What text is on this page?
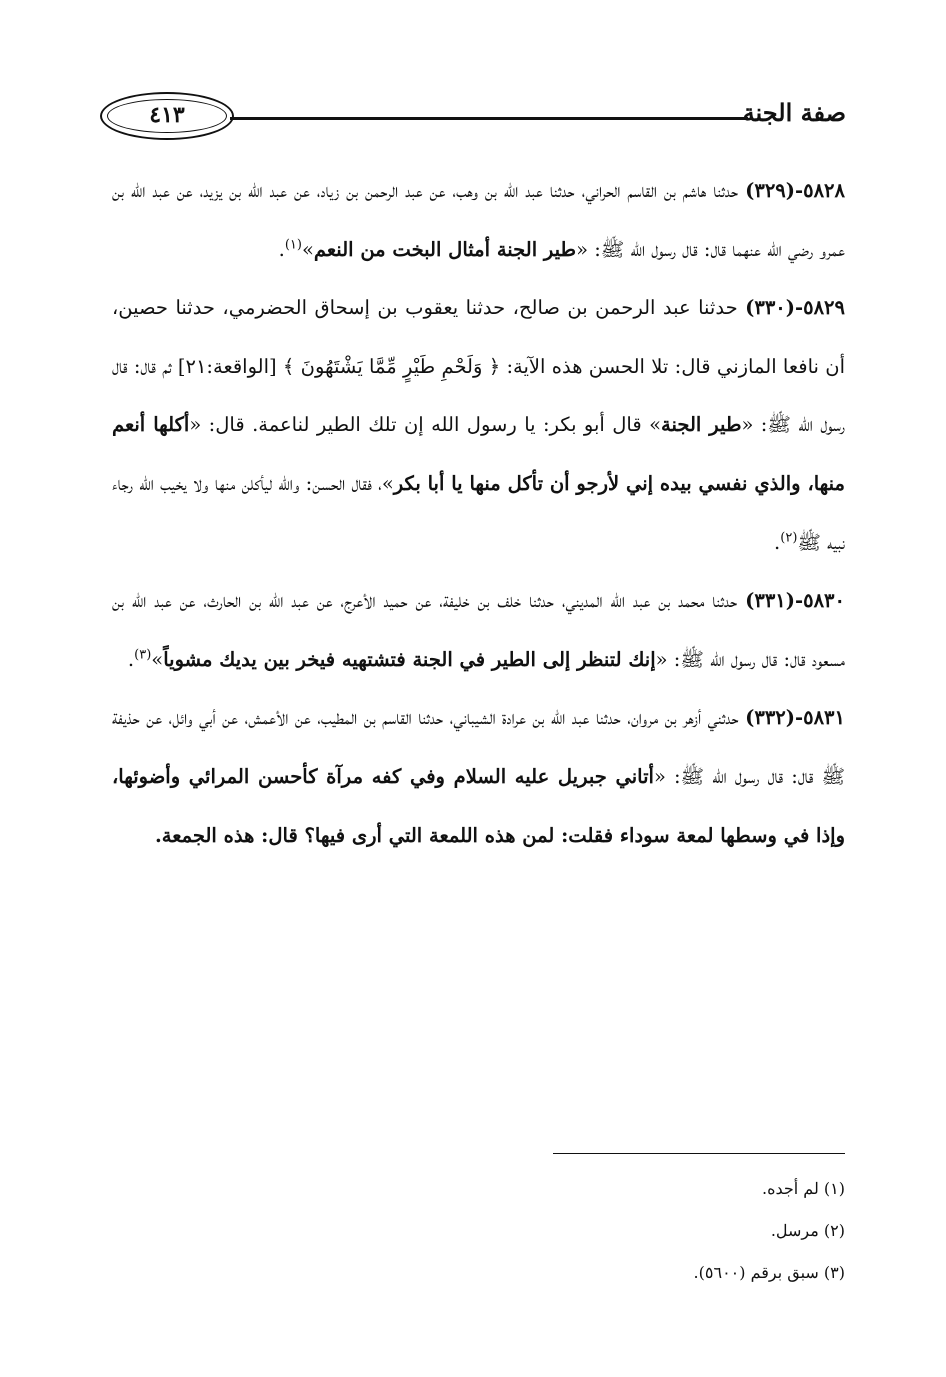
صفة الجنة
٤١٣

٥٨٢٨-(٣٢٩) حدثنا هاشم بن القاسم الحراني، حدثنا عبد الله بن وهب، عن عبد الرحمن بن زياد، عن عبد الله بن يزيد، عن عبد الله بن عمرو رضي الله عنهما قال: قال رسول الله ﷺ: «طير الجنة أمثال البخت من النعم»$^{(١)}$.

٥٨٢٩-(٣٣٠) حدثنا عبد الرحمن بن صالح، حدثنا يعقوب بن إسحاق الحضرمي، حدثنا حصين، أن نافعا المازني قال: تلا الحسن هذه الآية: ﴿ وَلَحْمِ طَيْرٍ مِّمَّا يَشْتَهُونَ ﴾ [الواقعة:٢١] ثم قال: قال رسول الله ﷺ: «طير الجنة» قال أبو بكر: يا رسول الله إن تلك الطير لناعمة. قال: «أكلها أنعم منها، والذي نفسي بيده إني لأرجو أن تأكل منها يا أبا بكر»، فقال الحسن: والله ليأكلن منها ولا يخيب الله رجاء نبيه ﷺ$^{(٢)}$.

٥٨٣٠-(٣٣١) حدثنا محمد بن عبد الله المديني، حدثنا خلف بن خليفة، عن حميد الأعرج، عن عبد الله بن الحارث، عن عبد الله بن مسعود قال: قال رسول الله ﷺ: «إنك لتنظر إلى الطير في الجنة فتشتهيه فيخر بين يديك مشوياً»$^{(٣)}$.

٥٨٣١-(٣٣٢) حدثني أزهر بن مروان، حدثنا عبد الله بن عرادة الشيباني، حدثنا القاسم بن المطيب، عن الأعمش، عن أبي وائل، عن حذيفة ﷺ قال: قال رسول الله ﷺ: «أتاني جبريل عليه السلام وفي كفه مرآة كأحسن المرائي وأضوئها، وإذا في وسطها لمعة سوداء فقلت: لمن هذه اللمعة التي أرى فيها؟ قال: هذه الجمعة.

(١) لم أجده.
(٢) مرسل.
(٣) سبق برقم (٥٦٠٠).
